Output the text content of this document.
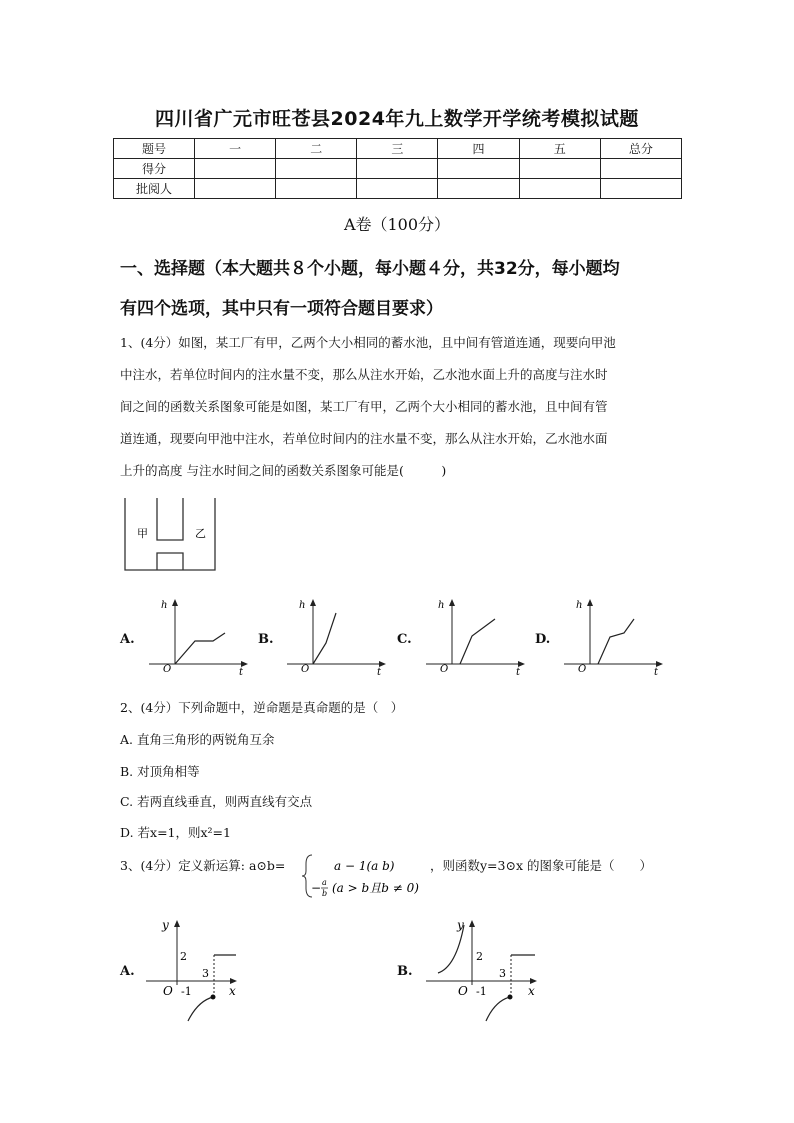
四川省广元市旺苍县2024年九上数学开学统考模拟试题
题号	一	二	三	四	五	总分
得分						
批阅人						
A卷（100分）
一、选择题（本大题共８个小题，每小题４分，共32分，每小题均
有四个选项，其中只有一项符合题目要求）
1、(4分）如图，某工厂有甲，乙两个大小相同的蓄水池，且中间有管道连通，现要向甲池
中注水，若单位时间内的注水量不变，那么从注水开始，乙水池水面上升的高度与注水时
间之间的函数关系图象可能是如图，某工厂有甲，乙两个大小相同的蓄水池，且中间有管
道连通，现要向甲池中注水，若单位时间内的注水量不变，那么从注水开始，乙水池水面
上升的高度 与注水时间之间的函数关系图象可能是(　　　)
甲	乙
A.
h
O	t
B.
h
O	t
C.
h
O	t
D.
h
O	t
2、(4分）下列命题中，逆命题是真命题的是（　）
A. 直角三角形的两锐角互余
B. 对顶角相等
C. 若两直线垂直，则两直线有交点
D. 若x=1，则x²=1
3、(4分）定义新运算: a⊙b=	a − 1(a b)
− a
b (a > b且b ≠ 0)
，则函数y=3⊙x 的图象可能是（　　）
A.
2
3
-1
O
y
x
B.
2
3
-1
O
y
x
